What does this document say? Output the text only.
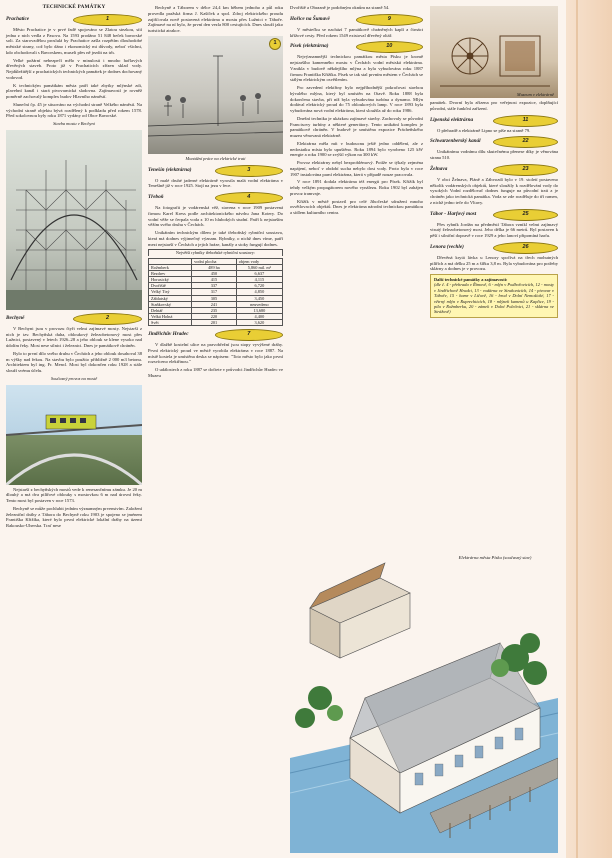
TECHNICKÉ PAMÁTKY
Prachatice	1

Město Prachatice je v prvé řadě spojováno se Zlatou stezkou, sítí jedna z nich vedla z Pasova. Na 1593 prodáno 51 848 beček bavorské soli. Za starovzdělou proslulá by Prachatice zašla rozpětím dlouhodobé městské strany, což bylo dáno i ekonomický mi důvody, neboť všichni, kdo obchodovali s Bavorskem, museli přes ně jezdit na trh.

Velké požární nebezpečí mělo v minulosti i mnoho hořlavých dřevěných staveb. Proto již v Prachaticích zřízen sklad vody. Nejdůležitější z prachatických technických památek je dodnes dochovaný vodovod.

K technickým památkám města patří také zbytky mlýnské zdi, plavební kanál i stará pivovarnická sladovna. Zajímavostí je rovněž poměrně zachovalý komplex budov Hlavního náměstí.

Sluneční čp. 45 je situováno na východní straně Velkého náměstí. Na východní straně objektu bývá rozdělený k podkladu před rokem 1578. Před sokolovnou byly roku 1871 vydány od Obce Bavorské.

Stavba mostu v Bechyni
Bechyně	2

V Bechyni jsou v provozu čtyři velmi zajímavé mosty. Nejstarší z nich je tzv. Bechyňská duha, obloukový železobetonový most přes Lužnici, postavený v letech 1926–28 a jeho oblouk se klene vysoko nad údolím řeky. Most nese silnici i železnici. Dnes je památkově chráněn.

Bylo to první dílo svého druhu v Čechách a jeho oblouk dosahoval 38 m výšky nad řekou. Na stavbu bylo použito přibližně 2 000 m3 betonu. Architektem byl ing. Fr. Mencl. Most byl dokončen roku 1928 a stále slouží svému účelu.

Současný provoz na mostě

Nejstarší z bechyňských mostů vede k renesančnímu zámku. Je 20 m dlouhý a má dva pilířové oblouky s mostovkou 6 m nad úrovní řeky. Tento most byl postaven v roce 1573.

Bechyně se může pochlubit jedním významným prvenstvím. Založení železniční dráhy z Tábora do Bechyně roku 1903 je spojeno se jménem Františka Křižíka, které bylo první elektrické lokální dráhy na území Rakousko-Uherska. Trať nese

Bechyně a Táborem v délce 24,4 km během jednoho a půl roku provedla pražská firma J. Kašíček a spol. Zdroj elektrického proudu zajišťovala nově postavená elektrárna u mostu přes Lužnici v Táboře. Zajímavé na ní bylo, že první den vezla 800 cestujících. Dnes slouží jako turistická atrakce.

1
Montážní práce na elektrické trati
Tenešín (elektrárna)	3

O malé druhé jaderné elektrárně vyrostla malá vodní elektrárna v Tenešíně již v roce 1925. Stojí na jezu v řece.

Třeboň	4

Na fotografii je vodárenská věž, stavena v roce 1909 postavená firmou Karel Kress podle architektonického návrhu Jana Kotery. Do vodní věže se čerpala voda z 10 m hlubokých studní. Patří k nejstarším věžím svého druhu v Čechách.

Unikátním technickým dílem je také třeboňský rybniční soustava, která má dodnes výjimečný význam. Rybníky, o nichž dnes víme, patří mezi nejstarší v Čechách a jejich hráze, kanály a stoky fungují dodnes.

Největší rybníky třeboňské rybniční soustavy:
	vodní plocha	objem vody
Rožmberk	489 ha	5,860 mil. m³
Bezdrev	450	6,637
Horusický	415	4,115
Dvořiště	337	6,720
Velký Tisý	317	4,850
Záblatský	305	3,450
Staňkovský	241	neuvedeno
Dehtář	235	13,680
Velká Holná	220	4,400
Svět	201	3,620
Jindřichův Hradec	7

V dlažbě kostelní ulice na pravobřežní jsou stopy vyvýšené dráhy. První elektrický proud ve městě vyrobila elektrárna v roce 1887. Na místě kostela je umístěna deska se nápisem: "Toto město bylo jako první rozsvíceno elektřinou."

O událostech z roku 1887 se dočtete v průvodci Jindřichův Hradec ve Muzeu

Dvořiště a Obrazně je podobným oknům na straně 54.

Hořice na Šumavě	9

V městečku se nachází 7 památkově chráněných kaplí a čtrnáct křížové cesty. Před rokem 1549 existoval dřevěný oltář.

Písek (elektrárna)	10

Nejvýznamnější technickou památkou města Písku je kromě nejstaršího kamenného mostu v Čechách vodní městská elektrárna. Vznikla v budově někdejšího mlýna a byla vybudována roku 1887 firmou Františka Křižíka. Písek se tak stal prvním městem v Čechách se stálým elektrickým osvětlením.

Pro zavedení elektřiny bylo nejpříhodnější pokračovat stavbou bývalého mlýna, který byl umístěn na Otavě. Roku 1888 byla dokončena stavba, při níž byla vybudována turbína a dynamo. Mlýn dodával elektrický proud do 75 obloukových lamp. V roce 1893 byla vybudována nová vodní elektrárna, která sloužila až do roku 1986.

Dnešní technika je ukázkou zajímavé stavby. Zachovaly se původní Francisovy turbíny a některé generátory. Tento unikátní komplex je památkově chráněn. V budově je umístěna expozice Prácheňského muzea věnovaná elektrárně.

Elektrárna měla mít v budoucnu ještě jedno oddělení, ale z nedostatku místa bylo upuštěno. Roku 1894 bylo vyrobeno 125 kW energie a roku 1900 se zvýšil výkon na 300 kW.

Provoz elektrárny nebyl bezproblémový. Potíže se týkaly zejména napájení, neboť v období sucha nebylo dost vody. Proto byla v roce 1907 instalována parní elektrárna, která v případě nouze pracovala.

V roce 1891 dodala elektrárna též energii pro Písek. Křižík byl tehdy velkým propagátorem nového vynálezu. Roku 1902 byl zahájen provoz tramvaje.

Křižík v městě postavil pro celé Jihočeské sdružení mnoho osvětlovacích objektů. Dnes je elektrárna národní technickou památkou a sídlem kulturního centra.

Muzeum v elektrárně

památek. Dvorní byla zřízena pro veřejnost expozice, doplňující původní, stále funkční zařízení.

Lipenská elektrárna	11

O přehradě a elektrárně Lipno se píše na straně 79.

Schwarzenberský kanál	22

Unikátnímu vodnímu dílu skutečnému přenese díky je věnována strana 510.

Želnava	23

V obci Želnava, Pláně a Záhvozdí bylo v 19. století postaveno několik vodárenských objektů, které sloužily k rozdělování vody do vysokých Vodní rozdělovač dodnes funguje na původní trati a je chráněn jako technická památka. Voda se zde rozděluje do tří ramen, z nichž jedno teče do Vltavy.

Tábor - Harfový most	25

Přes rybník Jordán na předměstí Tábora vznikl velmi zajímavý visutý železobetonový most. Jeho délka je 66 metrů. Byl postaven k pěší i silniční dopravě v roce 1929 a jeho lanoví připomíná harfu.

Lenora (vechle)	26

Dřevěná krytá lávka u Lenory spočívá na třech mohutných pilířích a má délku 25 m a šířku 3,8 m. Byla vybudována pro potřeby sklárny a dodnes je v provozu.

Další technické památky a zajímavosti:
(dle č. 4 - přehrada v Římově, 6 - mlýn v Podbořovicích, 12 - mosty v Jindřichově Hradci, 13 - vodárna ve Strakonicích, 14 - pivovar v Táboře, 15 - hamr v Ličově, 16 - brod v Dolní Nemošické, 17 - větrný mlýn v Ruprechticích, 18 - mlýnek kamenů u Kaplice, 19 - pila v Rožmberku, 20 - zámek v Dolní Polečnici, 21 - sklárna ve Strážově)
Elektrárna města Písku (současný stav)
